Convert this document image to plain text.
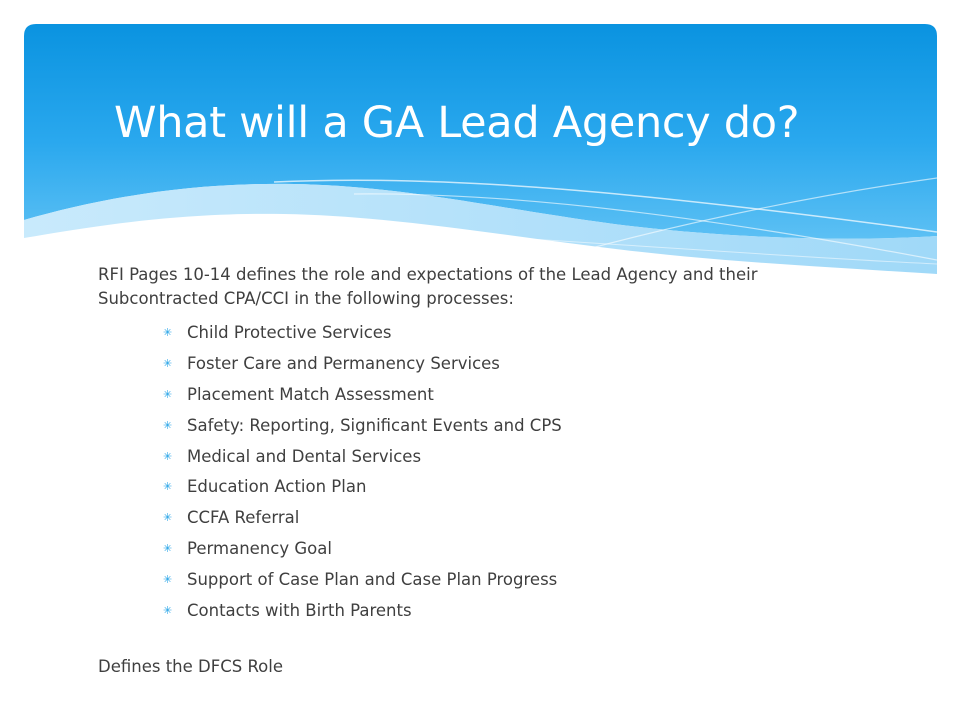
What will a GA Lead Agency do?

RFI Pages 10-14 defines the role and expectations of the Lead Agency and their Subcontracted CPA/CCI in the following processes:

✳ Child Protective Services
✳ Foster Care and Permanency Services
✳ Placement Match Assessment
✳ Safety: Reporting, Significant Events and CPS
✳ Medical and Dental Services
✳ Education Action Plan
✳ CCFA Referral
✳ Permanency Goal
✳ Support of Case Plan and Case Plan Progress
✳ Contacts with Birth Parents

Defines the DFCS Role
